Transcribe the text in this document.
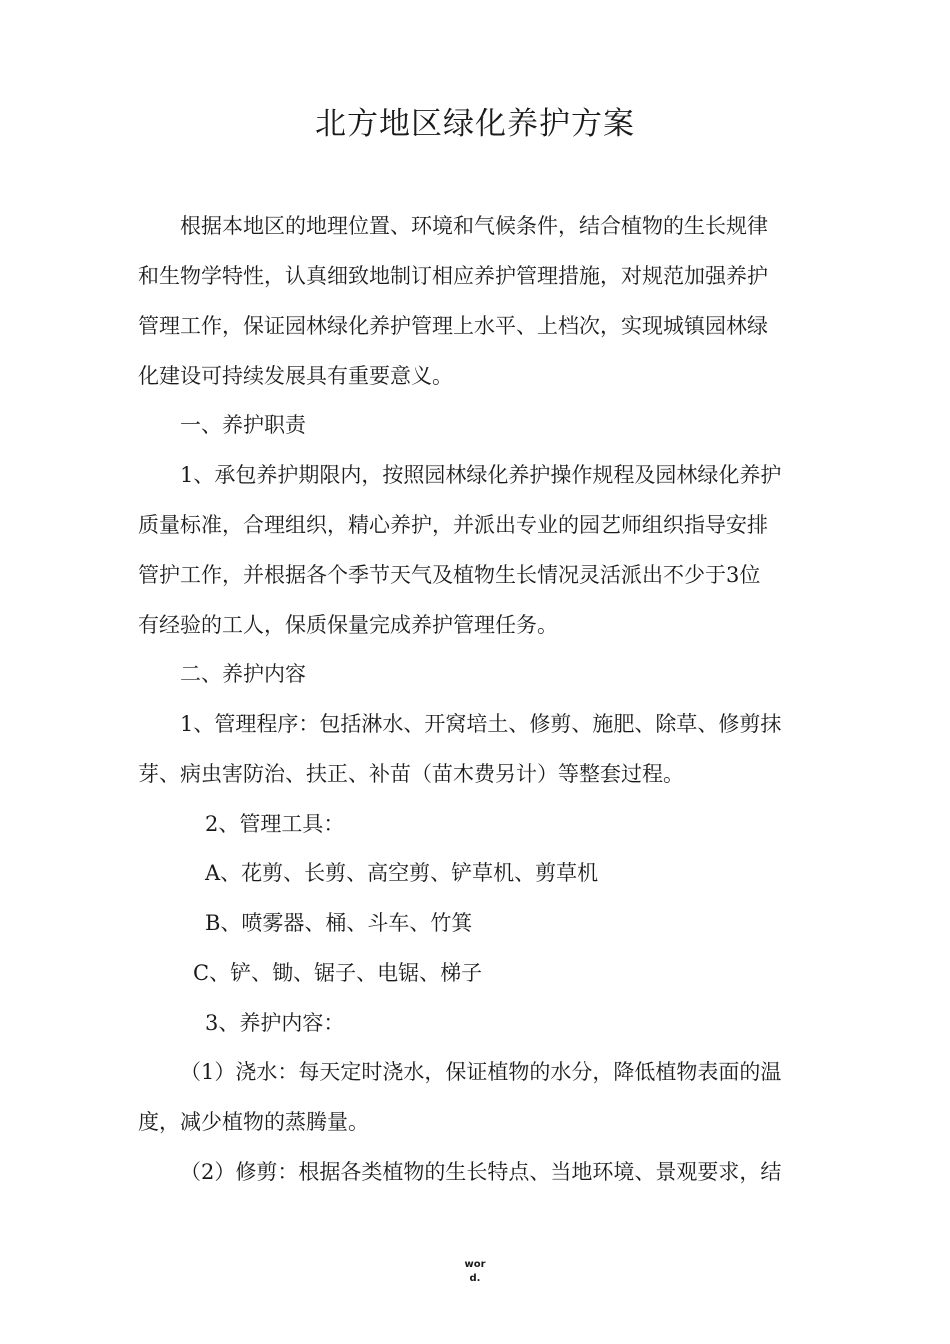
北方地区绿化养护方案

根据本地区的地理位置、环境和气候条件，结合植物的生长规律

和生物学特性，认真细致地制订相应养护管理措施，对规范加强养护

管理工作，保证园林绿化养护管理上水平、上档次，实现城镇园林绿

化建设可持续发展具有重要意义。

一、养护职责

1、承包养护期限内，按照园林绿化养护操作规程及园林绿化养护

质量标准，合理组织，精心养护，并派出专业的园艺师组织指导安排

管护工作，并根据各个季节天气及植物生长情况灵活派出不少于3位

有经验的工人，保质保量完成养护管理任务。

二、养护内容

1、管理程序：包括淋水、开窝培土、修剪、施肥、除草、修剪抹

芽、病虫害防治、扶正、补苗（苗木费另计）等整套过程。

2、管理工具：

A、花剪、长剪、高空剪、铲草机、剪草机

B、喷雾器、桶、斗车、竹箕

C、铲、锄、锯子、电锯、梯子

3、养护内容：

（1）浇水：每天定时浇水，保证植物的水分，降低植物表面的温

度，减少植物的蒸腾量。

（2）修剪：根据各类植物的生长特点、当地环境、景观要求，结

wor
d.
